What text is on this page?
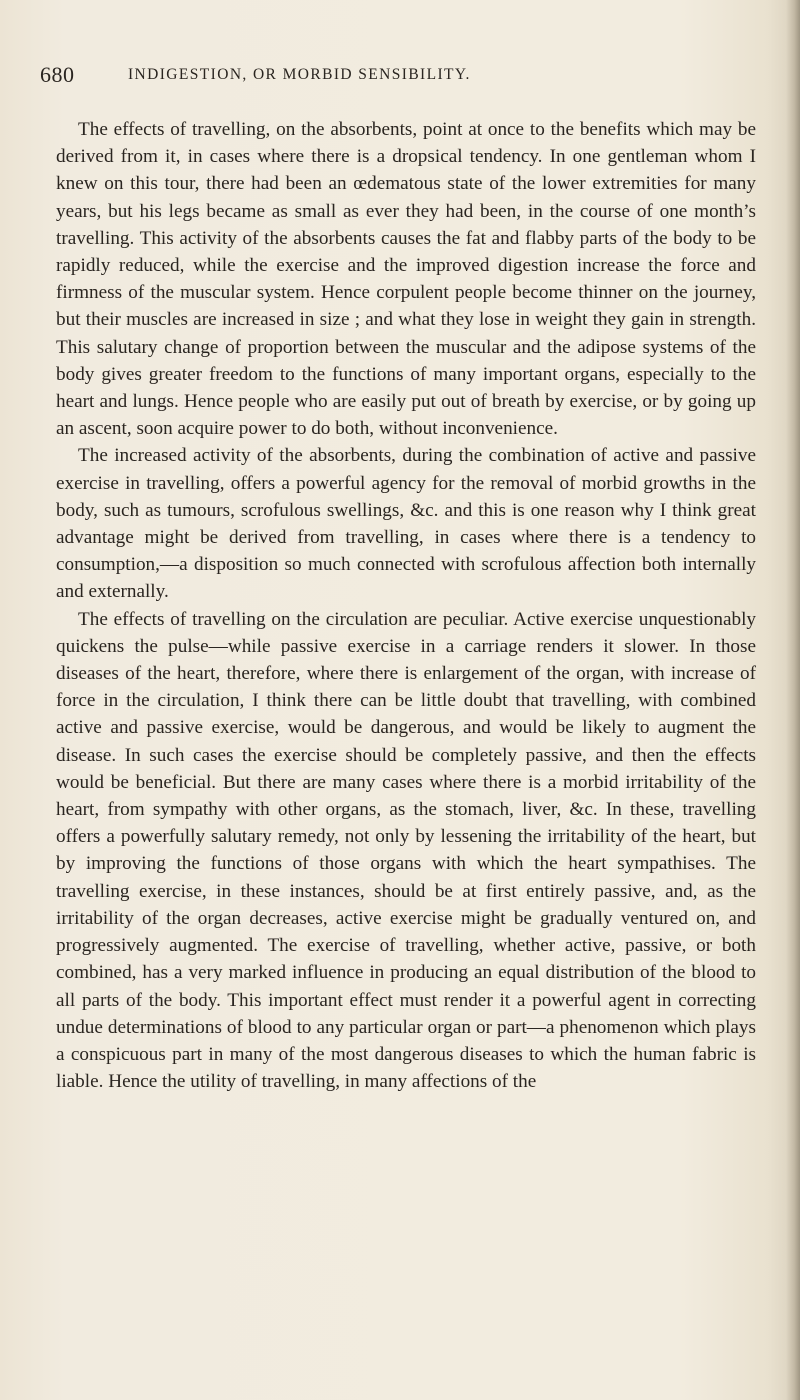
680	INDIGESTION, OR MORBID SENSIBILITY.

The effects of travelling, on the absorbents, point at once to the benefits which may be derived from it, in cases where there is a dropsical tendency. In one gentleman whom I knew on this tour, there had been an œdematous state of the lower extremities for many years, but his legs became as small as ever they had been, in the course of one month’s travelling. This activity of the absorbents causes the fat and flabby parts of the body to be rapidly reduced, while the exercise and the improved digestion increase the force and firmness of the muscular system. Hence corpulent people become thinner on the journey, but their muscles are increased in size ; and what they lose in weight they gain in strength. This salutary change of proportion between the muscular and the adipose systems of the body gives greater freedom to the functions of many important organs, especially to the heart and lungs. Hence people who are easily put out of breath by exercise, or by going up an ascent, soon acquire power to do both, without inconvenience.

The increased activity of the absorbents, during the combination of active and passive exercise in travelling, offers a powerful agency for the removal of morbid growths in the body, such as tumours, scrofulous swellings, &c. and this is one reason why I think great advantage might be derived from travelling, in cases where there is a tendency to consumption,—a disposition so much connected with scrofulous affection both internally and externally.

The effects of travelling on the circulation are peculiar. Active exercise unquestionably quickens the pulse—while passive exercise in a carriage renders it slower. In those diseases of the heart, therefore, where there is enlargement of the organ, with increase of force in the circulation, I think there can be little doubt that travelling, with combined active and passive exercise, would be dangerous, and would be likely to augment the disease. In such cases the exercise should be completely passive, and then the effects would be beneficial. But there are many cases where there is a morbid irritability of the heart, from sympathy with other organs, as the stomach, liver, &c. In these, travelling offers a powerfully salutary remedy, not only by lessening the irritability of the heart, but by improving the functions of those organs with which the heart sympathises. The travelling exercise, in these instances, should be at first entirely passive, and, as the irritability of the organ decreases, active exercise might be gradually ventured on, and progressively augmented. The exercise of travelling, whether active, passive, or both combined, has a very marked influence in producing an equal distribution of the blood to all parts of the body. This important effect must render it a powerful agent in correcting undue determinations of blood to any particular organ or part—a phenomenon which plays a conspicuous part in many of the most dangerous diseases to which the human fabric is liable. Hence the utility of travelling, in many affections of the
